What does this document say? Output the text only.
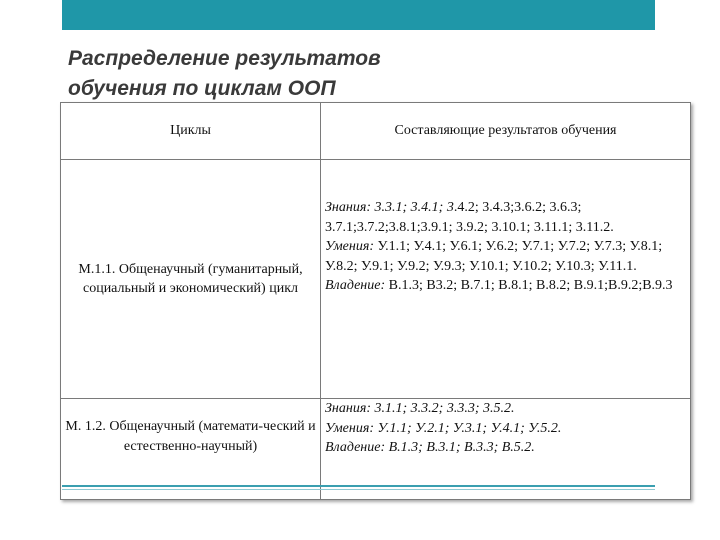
Распределение результатов
обучения по циклам ООП
Циклы	Составляющие результатов обучения
М.1.1. Общенаучный (гуманитарный, социальный и экономический) цикл	Знания: 3.3.1; 3.4.1; 3.4.2; 3.4.3;3.6.2; 3.6.3; 3.7.1;3.7.2;3.8.1;3.9.1; 3.9.2; 3.10.1; 3.11.1; 3.11.2.
Умения: У.1.1; У.4.1; У.6.1; У.6.2; У.7.1; У.7.2; У.7.3; У.8.1; У.8.2; У.9.1; У.9.2; У.9.3; У.10.1; У.10.2; У.10.3; У.11.1.
Владение: В.1.3; В3.2; В.7.1; В.8.1; В.8.2; В.9.1;В.9.2;В.9.3

М. 1.2. Общенаучный (математи-ческий и естественно-научный)	Знания: 3.1.1; 3.3.2; 3.3.3; 3.5.2.
Умения: У.1.1; У.2.1; У.3.1; У.4.1; У.5.2.
Владение: В.1.3; В.3.1; В.3.3; В.5.2.
